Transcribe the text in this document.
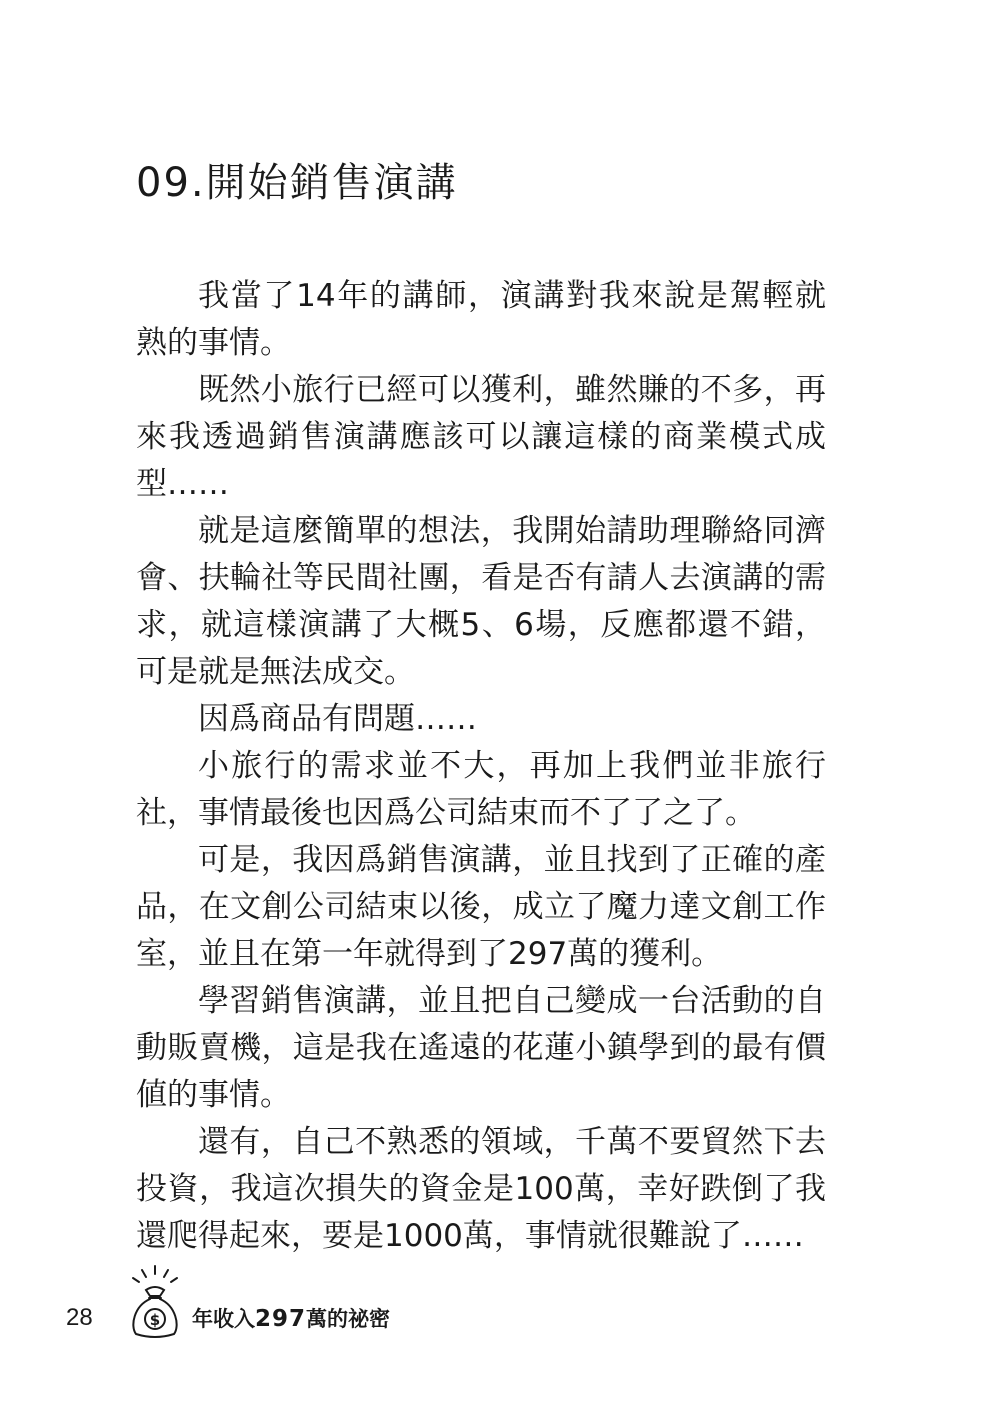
09.開始銷售演講

我當了14年的講師，演講對我來說是駕輕就熟的事情。

既然小旅行已經可以獲利，雖然賺的不多，再來我透過銷售演講應該可以讓這樣的商業模式成型……

就是這麼簡單的想法，我開始請助理聯絡同濟會、扶輪社等民間社團，看是否有請人去演講的需求，就這樣演講了大概5、6場，反應都還不錯，可是就是無法成交。

因爲商品有問題……

小旅行的需求並不大，再加上我們並非旅行社，事情最後也因爲公司結束而不了了之了。

可是，我因爲銷售演講，並且找到了正確的產品，在文創公司結束以後，成立了魔力達文創工作室，並且在第一年就得到了297萬的獲利。

學習銷售演講，並且把自己變成一台活動的自動販賣機，這是我在遙遠的花蓮小鎮學到的最有價値的事情。

還有，自己不熟悉的領域，千萬不要貿然下去投資，我這次損失的資金是100萬，幸好跌倒了我還爬得起來，要是1000萬，事情就很難說了……

28	$ 年收入297萬的祕密
